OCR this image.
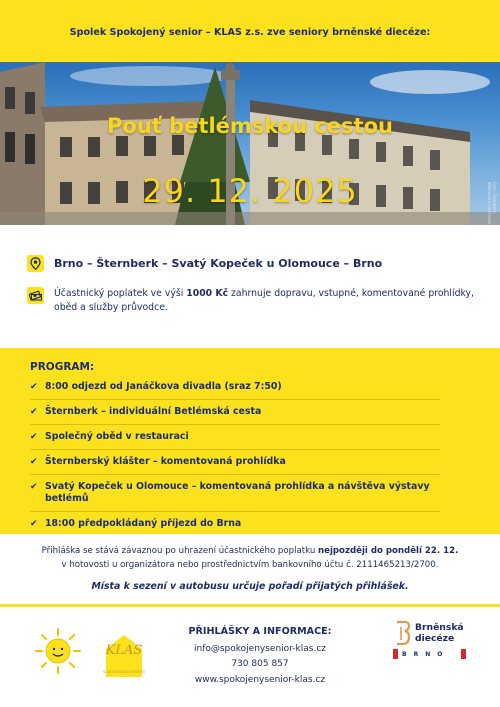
Spolek Spokojený senior – KLAS z.s. zve seniory brněnské diecéze:
Pouť betlémskou cestou
29. 12. 2025	Foto: Sternberk, Wikimedia Commons
Brno – Šternberk – Svatý Kopeček u Olomouce – Brno
Účastnický poplatek ve výši 1000 Kč zahrnuje dopravu, vstupné, komentované prohlídky, oběd a služby průvodce.
PROGRAM:
✔ 8:00 odjezd od Janáčkova divadla (sraz 7:50)
✔ Šternberk – individuální Betlémská cesta
✔ Společný oběd v restauraci
✔ Šternberský klášter – komentovaná prohlídka
✔ Svatý Kopeček u Olomouce – komentovaná prohlídka a návštěva výstavy betlémů
✔ 18:00 předpokládaný příjezd do Brna
Přihláška se stává závaznou po uhrazení účastnického poplatku nejpozději do pondělí 22. 12.
v hotovosti u organizátora nebo prostřednictvím bankovního účtu č. 2111465213/2700.
Místa k sezení v autobusu určuje pořadí přijatých přihlášek.
KLAS
KLUB AKTIVNÍCH SENIORŮ
PŘIHLÁŠKY A INFORMACE:
info@spokojenysenior-klas.cz
730 805 857
www.spokojenysenior-klas.cz
Brněnská
diecéze
BRNO
